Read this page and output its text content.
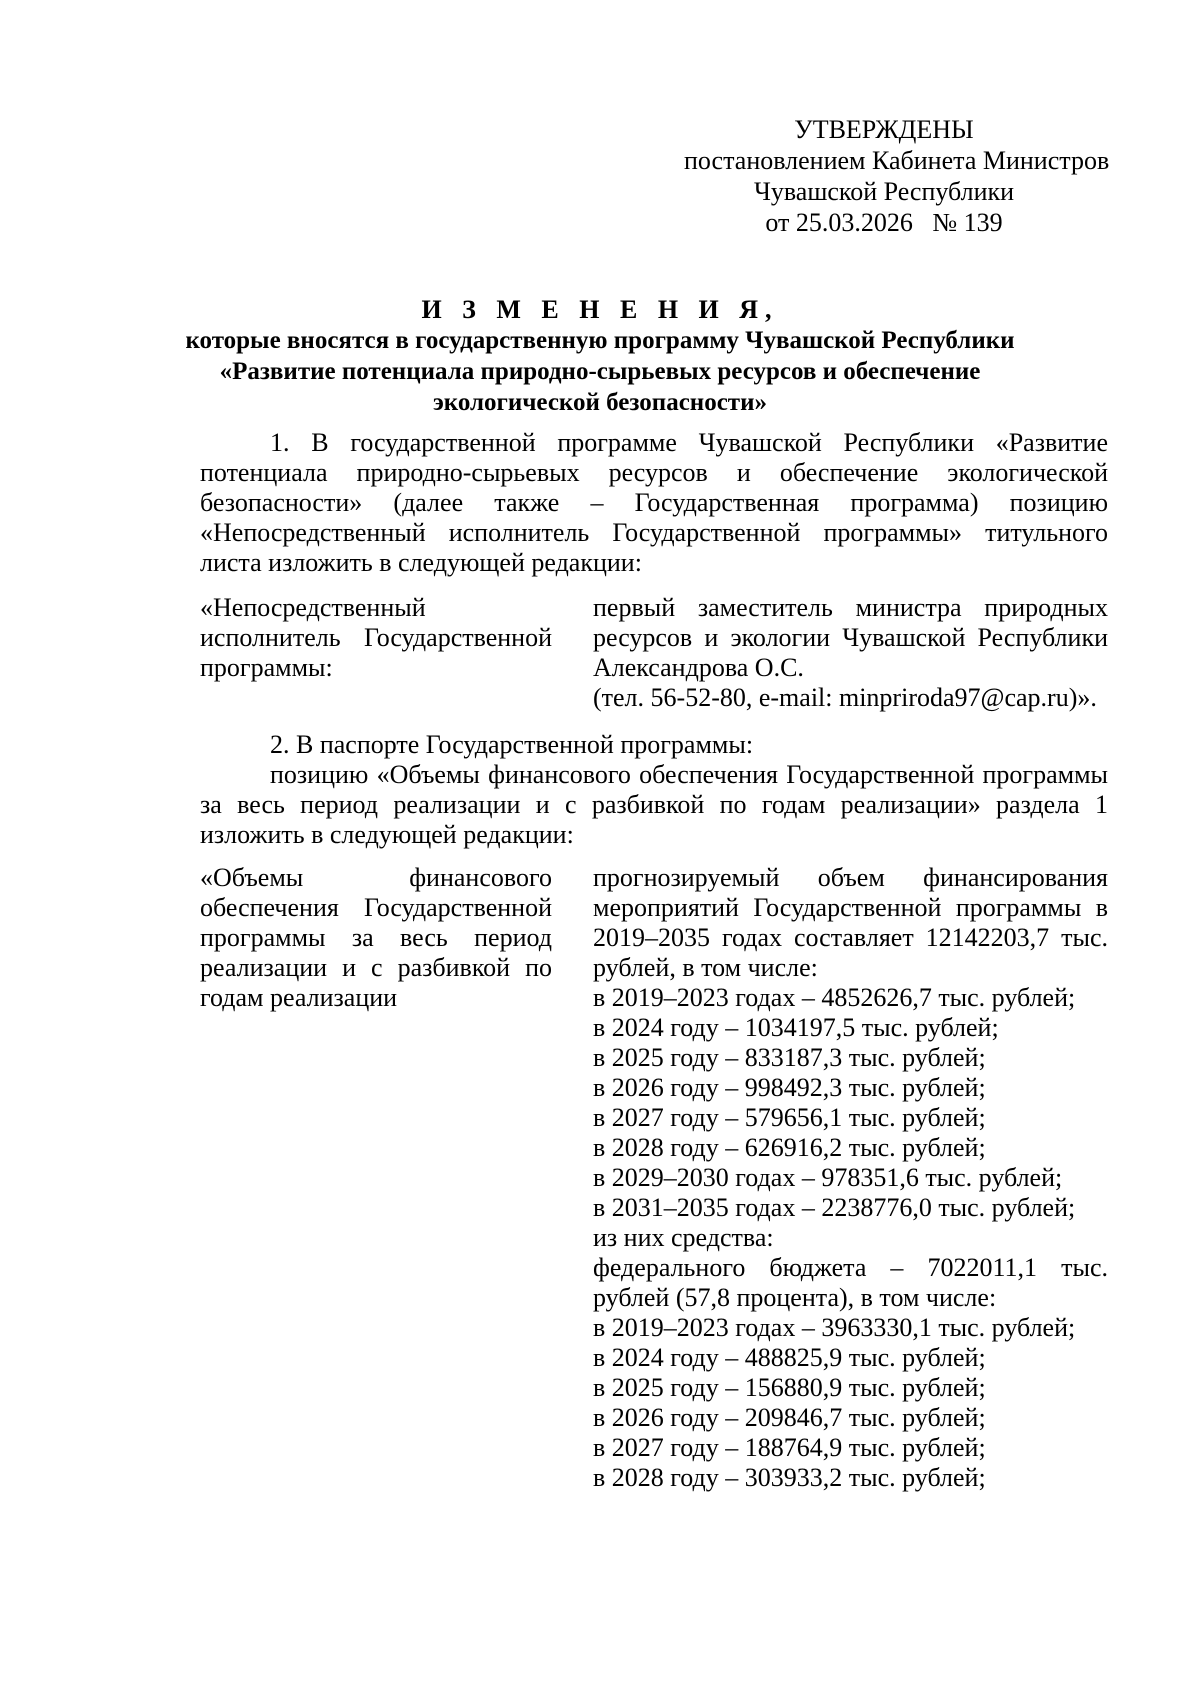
УТВЕРЖДЕНЫ
постановлением Кабинета Министров
Чувашской Республики
от 25.03.2026   № 139
И З М Е Н Е Н И Я,
которые вносятся в государственную программу Чувашской Республики
«Развитие потенциала природно-сырьевых ресурсов и обеспечение
экологической безопасности»
1. В государственной программе Чувашской Республики «Развитие потенциала природно-сырьевых ресурсов и обеспечение экологической безопасности» (далее также – Государственная программа) позицию «Непосредственный исполнитель Государственной программы» титульного листа изложить в следующей редакции:
«Непосредственный исполнитель Государственной программы:
первый заместитель министра природных ресурсов и экологии Чувашской Республики Александрова О.С.
(тел. 56-52-80, e-mail: minpriroda97@cap.ru)».
2. В паспорте Государственной программы:
позицию «Объемы финансового обеспечения Государственной программы за весь период реализации и с разбивкой по годам реализации» раздела 1 изложить в следующей редакции:
«Объемы финансового обеспечения Государственной программы за весь период реализации и с разбивкой по годам реализации
прогнозируемый объем финансирования мероприятий Государственной программы в 2019–2035 годах составляет 12142203,7 тыс. рублей, в том числе:
в 2019–2023 годах – 4852626,7 тыс. рублей;
в 2024 году – 1034197,5 тыс. рублей;
в 2025 году – 833187,3 тыс. рублей;
в 2026 году – 998492,3 тыс. рублей;
в 2027 году – 579656,1 тыс. рублей;
в 2028 году – 626916,2 тыс. рублей;
в 2029–2030 годах – 978351,6 тыс. рублей;
в 2031–2035 годах – 2238776,0 тыс. рублей;
из них средства:
федерального бюджета – 7022011,1 тыс. рублей (57,8 процента), в том числе:
в 2019–2023 годах – 3963330,1 тыс. рублей;
в 2024 году – 488825,9 тыс. рублей;
в 2025 году – 156880,9 тыс. рублей;
в 2026 году – 209846,7 тыс. рублей;
в 2027 году – 188764,9 тыс. рублей;
в 2028 году – 303933,2 тыс. рублей;
